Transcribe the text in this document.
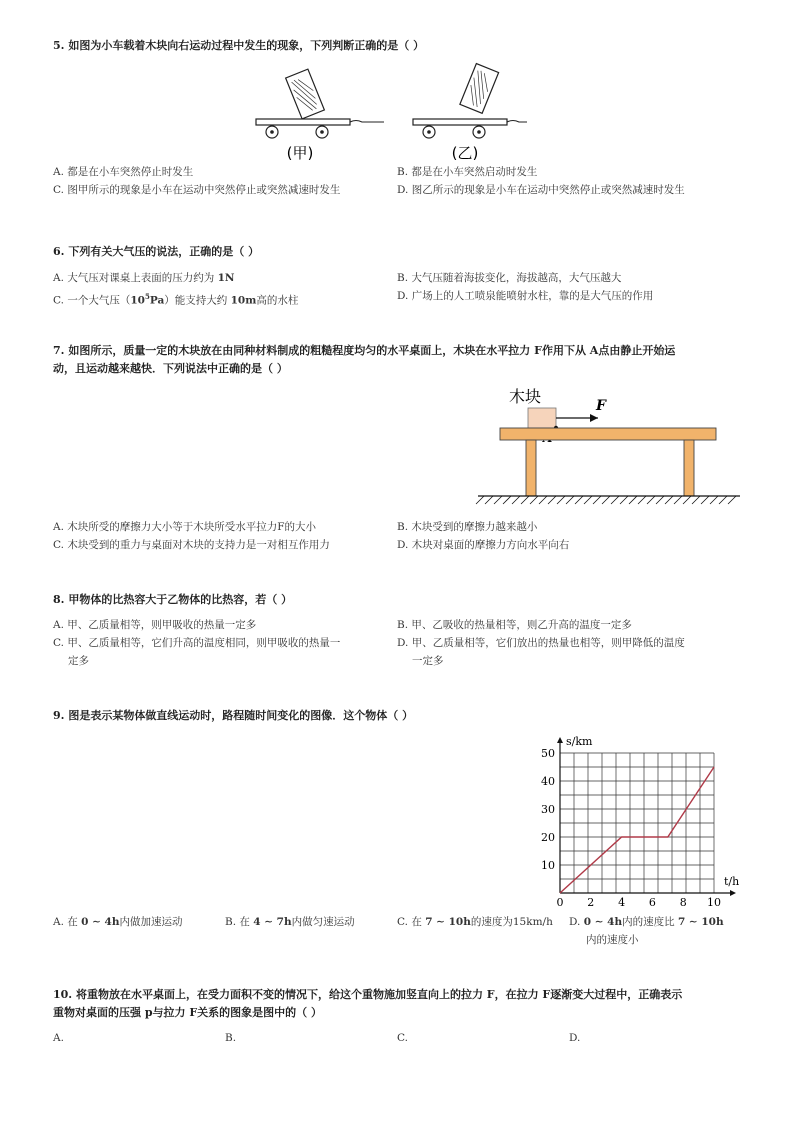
5. 如图为小车载着木块向右运动过程中发生的现象，下列判断正确的是（ ）
(甲)	(乙)
A. 都是在小车突然停止时发生	B. 都是在小车突然启动时发生
C. 图甲所示的现象是小车在运动中突然停止或突然减速时发生	D. 图乙所示的现象是小车在运动中突然停止或突然减速时发生
6. 下列有关大气压的说法，正确的是（ ）
A. 大气压对课桌上表面的压力约为 1N	B. 大气压随着海拔变化，海拔越高，大气压越大
C. 一个大气压$(10^5Pa)$能支持大约 10m高的水柱	D. 广场上的人工喷泉能喷射水柱，靠的是大气压的作用
7. 如图所示，质量一定的木块放在由同种材料制成的粗糙程度均匀的水平桌面上，木块在水平拉力 F作用下从 A点由静止开始运
动，且运动越来越快．下列说法中正确的是（ ）
木块	F
A. 木块所受的摩擦力大小等于木块所受水平拉力F的大小	B. 木块受到的摩擦力越来越小
C. 木块受到的重力与桌面对木块的支持力是一对相互作用力	D. 木块对桌面的摩擦力方向水平向右
8. 甲物体的比热容大于乙物体的比热容，若（ ）
A. 甲、乙质量相等，则甲吸收的热量一定多	B. 甲、乙吸收的热量相等，则乙升高的温度一定多
C. 甲、乙质量相等，它们升高的温度相同，则甲吸收的热量一
定多
D. 甲、乙质量相等，它们放出的热量也相等，则甲降低的温度
一定多
9. 图是表示某物体做直线运动时，路程随时间变化的图像．这个物体（ ）
0 2 4 6 8 10
10
20
30
40
50
s/km
t/h
A. 在 0 ∼ 4h内做加速运动	B. 在 4 ∼ 7h内做匀速运动	C. 在 7 ∼ 10h的速度为15km/h D. 0 ∼ 4h内的速度比 7 ∼ 10h
内的速度小
10. 将重物放在水平桌面上，在受力面积不变的情况下，给这个重物施加竖直向上的拉力 F，在拉力 F逐渐变大过程中，正确表示
重物对桌面的压强 p与拉力 F关系的图象是图中的（ ）
A.	B.	C.	D.
